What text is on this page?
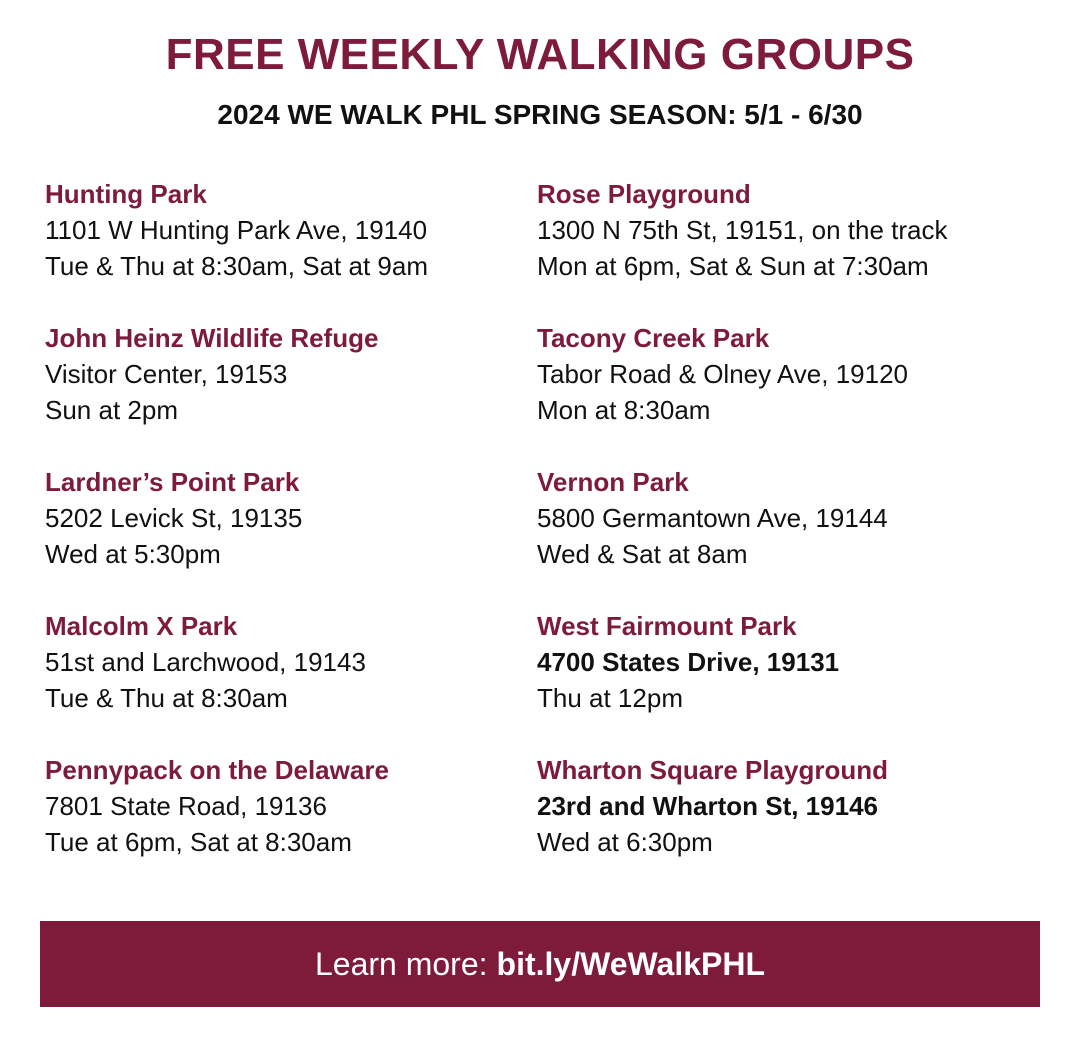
FREE WEEKLY WALKING GROUPS
2024 WE WALK PHL SPRING SEASON: 5/1 - 6/30
Hunting Park
1101 W Hunting Park Ave, 19140
Tue & Thu at 8:30am, Sat at 9am
John Heinz Wildlife Refuge
Visitor Center, 19153
Sun at 2pm
Lardner’s Point Park
5202 Levick St, 19135
Wed at 5:30pm
Malcolm X Park
51st and Larchwood, 19143
Tue & Thu at 8:30am
Pennypack on the Delaware
7801 State Road, 19136
Tue at 6pm, Sat at 8:30am
Rose Playground
1300 N 75th St, 19151, on the track
Mon at 6pm, Sat & Sun at 7:30am
Tacony Creek Park
Tabor Road & Olney Ave, 19120
Mon at 8:30am
Vernon Park
5800 Germantown Ave, 19144
Wed & Sat at 8am
West Fairmount Park
4700 States Drive, 19131
Thu at 12pm
Wharton Square Playground
23rd and Wharton St, 19146
Wed at 6:30pm
Learn more: bit.ly/WeWalkPHL
